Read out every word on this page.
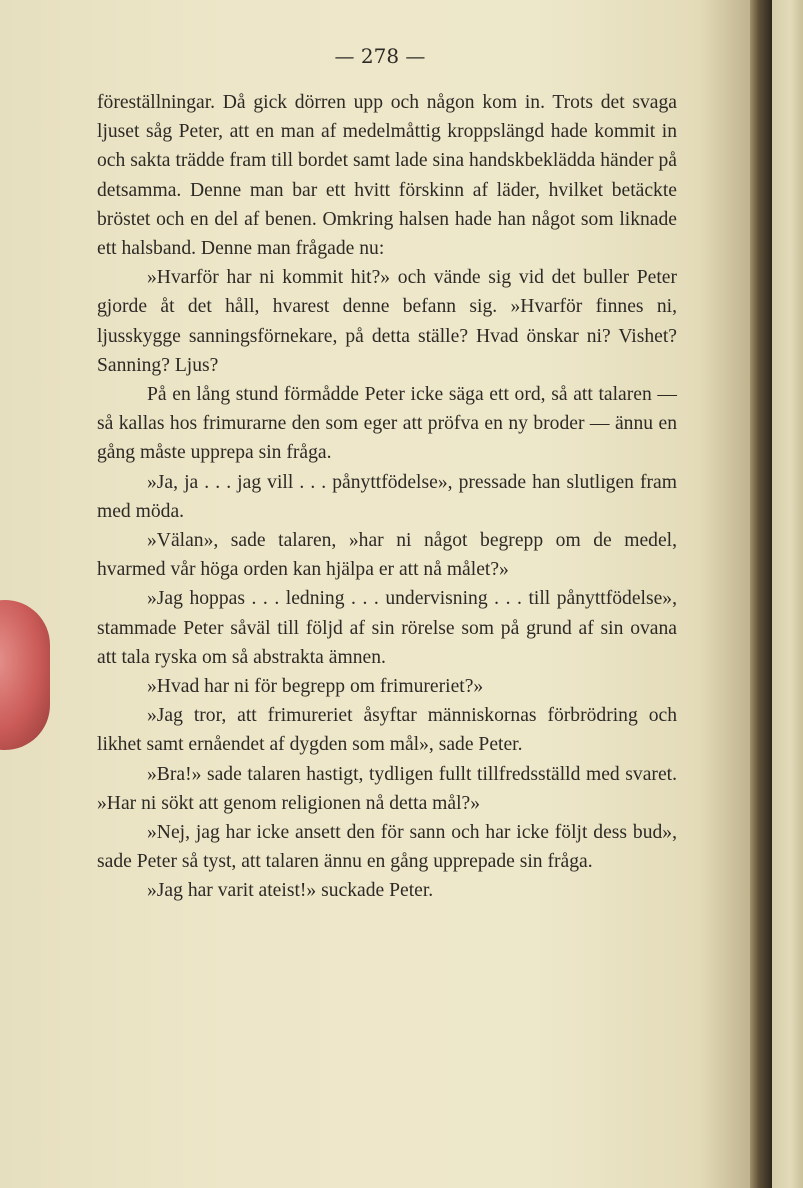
— 278 —

föreställningar. Då gick dörren upp och någon kom in. Trots det svaga ljuset såg Peter, att en man af medelmåttig kroppslängd hade kommit in och sakta trädde fram till bordet samt lade sina handskbeklädda händer på detsamma. Denne man bar ett hvitt förskinn af läder, hvilket betäckte bröstet och en del af benen. Omkring halsen hade han något som liknade ett halsband. Denne man frågade nu:

»Hvarför har ni kommit hit?» och vände sig vid det buller Peter gjorde åt det håll, hvarest denne befann sig. »Hvarför finnes ni, ljusskygge sanningsförnekare, på detta ställe? Hvad önskar ni? Vishet? Sanning? Ljus?

På en lång stund förmådde Peter icke säga ett ord, så att talaren — så kallas hos frimurarne den som eger att pröfva en ny broder — ännu en gång måste upprepa sin fråga.

»Ja, ja . . . jag vill . . . pånyttfödelse», pressade han slutligen fram med möda.

»Välan», sade talaren, »har ni något begrepp om de medel, hvarmed vår höga orden kan hjälpa er att nå målet?»

»Jag hoppas . . . ledning . . . undervisning . . . till pånyttfödelse», stammade Peter såväl till följd af sin rörelse som på grund af sin ovana att tala ryska om så abstrakta ämnen.

»Hvad har ni för begrepp om frimureriet?»

»Jag tror, att frimureriet åsyftar människornas förbrödring och likhet samt ernåendet af dygden som mål», sade Peter.

»Bra!» sade talaren hastigt, tydligen fullt tillfredsställd med svaret. »Har ni sökt att genom religionen nå detta mål?»

»Nej, jag har icke ansett den för sann och har icke följt dess bud», sade Peter så tyst, att talaren ännu en gång upprepade sin fråga.

»Jag har varit ateist!» suckade Peter.
